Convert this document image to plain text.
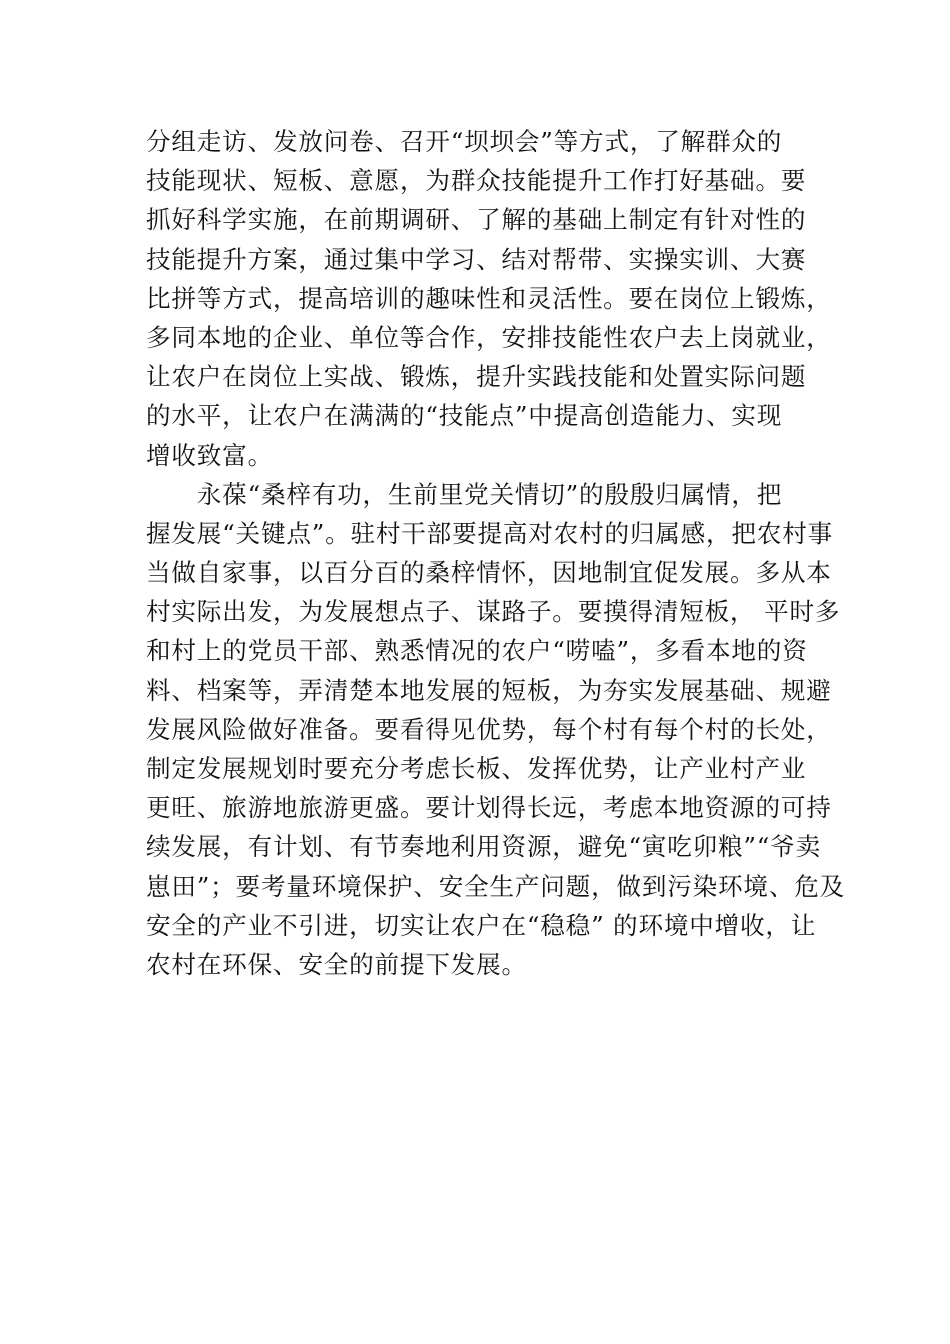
分组走访、发放问卷、召开“坝坝会”等方式，了解群众的
技能现状、短板、意愿，为群众技能提升工作打好基础。要
抓好科学实施，在前期调研、了解的基础上制定有针对性的
技能提升方案，通过集中学习、结对帮带、实操实训、大赛
比拼等方式，提高培训的趣味性和灵活性。要在岗位上锻炼，
多同本地的企业、单位等合作，安排技能性农户去上岗就业，
让农户在岗位上实战、锻炼，提升实践技能和处置实际问题
的水平，让农户在满满的“技能点”中提高创造能力、实现
增收致富。
　　永葆“桑梓有功，生前里党关情切”的殷殷归属情，把
握发展“关键点”。驻村干部要提高对农村的归属感，把农村事
当做自家事，以百分百的桑梓情怀，因地制宜促发展。多从本
村实际出发，为发展想点子、谋路子。要摸得清短板， 平时多
和村上的党员干部、熟悉情况的农户“唠嗑”，多看本地的资
料、档案等，弄清楚本地发展的短板，为夯实发展基础、规避
发展风险做好准备。要看得见优势，每个村有每个村的长处，
制定发展规划时要充分考虑长板、发挥优势，让产业村产业
更旺、旅游地旅游更盛。要计划得长远，考虑本地资源的可持
续发展，有计划、有节奏地利用资源，避免“寅吃卯粮”“爷卖
崽田”；要考量环境保护、安全生产问题，做到污染环境、危及
安全的产业不引进，切实让农户在“稳稳” 的环境中增收，让
农村在环保、安全的前提下发展。
